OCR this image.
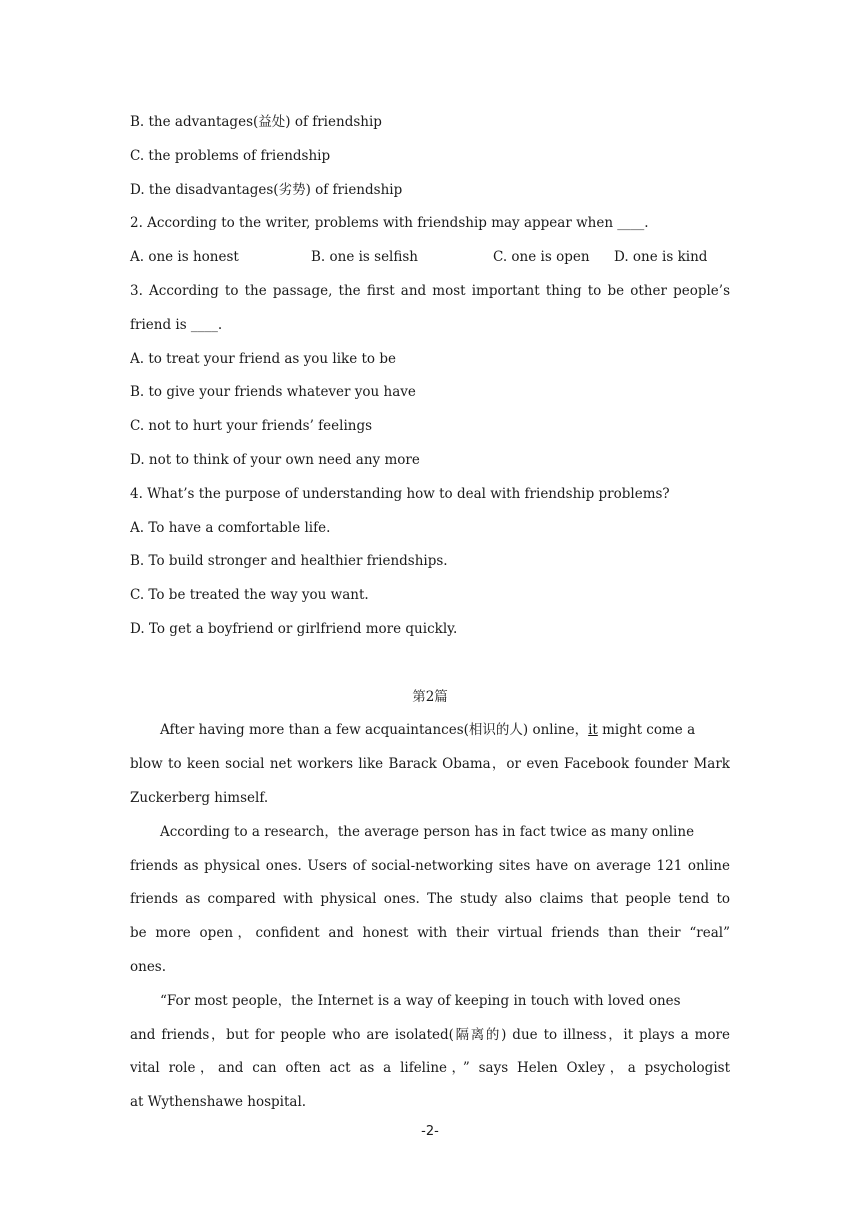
B. the advantages(益处) of friendship
C. the problems of friendship
D. the disadvantages(劣势) of friendship
2. According to the writer, problems with friendship may appear when ____.
A. one is honest	B. one is selfish	C. one is open	D. one is kind
3. According to the passage, the first and most important thing to be other people’s
friend is ____.
A. to treat your friend as you like to be
B. to give your friends whatever you have
C. not to hurt your friends’ feelings
D. not to think of your own need any more
4. What’s the purpose of understanding how to deal with friendship problems?
A. To have a comfortable life.
B. To build stronger and healthier friendships.
C. To be treated the way you want.
D. To get a boyfriend or girlfriend more quickly.
第2篇
After having more than a few acquaintances(相识的人) online，it might come a
blow to keen social net workers like Barack Obama，or even Facebook founder Mark
Zuckerberg himself.
According to a research，the average person has in fact twice as many online
friends as physical ones. Users of social-networking sites have on average 121 online
friends as compared with physical ones. The study also claims that people tend to
be more open，confident and honest with their virtual friends than their “real”
ones.
“For most people，the Internet is a way of keeping in touch with loved ones
and friends，but for people who are isolated(隔离的) due to illness，it plays a more
vital role，and can often act as a lifeline，” says Helen Oxley，a psychologist
at Wythenshawe hospital.
-2-
